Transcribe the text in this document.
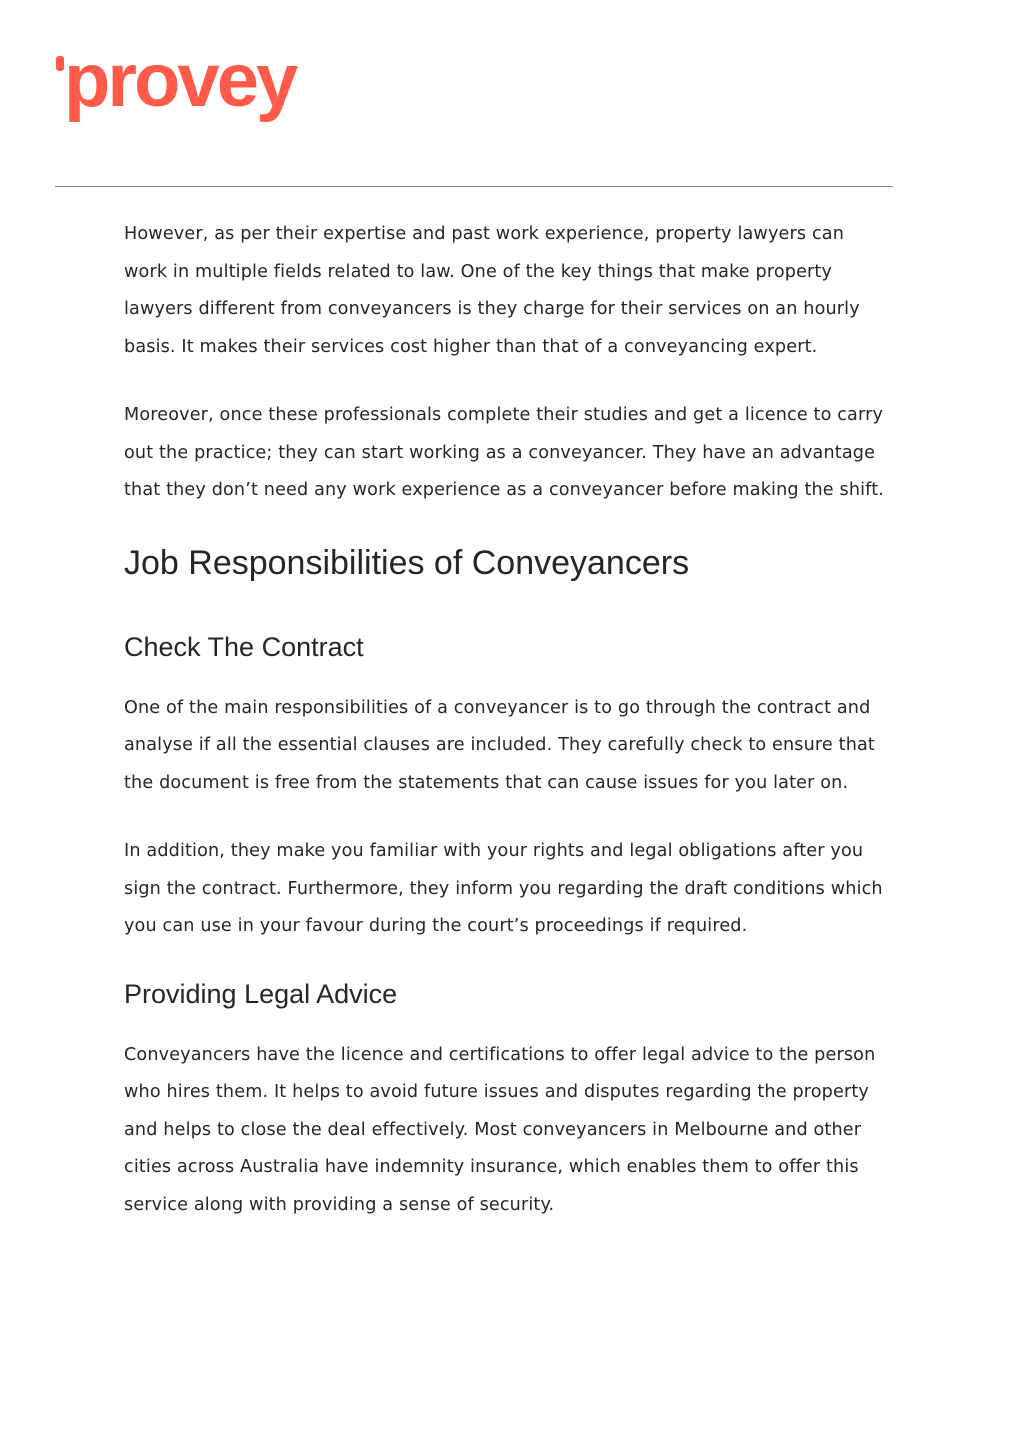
provey

However, as per their expertise and past work experience, property lawyers can
work in multiple fields related to law. One of the key things that make property
lawyers different from conveyancers is they charge for their services on an hourly
basis. It makes their services cost higher than that of a conveyancing expert.

Moreover, once these professionals complete their studies and get a licence to carry
out the practice; they can start working as a conveyancer. They have an advantage
that they don’t need any work experience as a conveyancer before making the shift.

Job Responsibilities of Conveyancers
Check The Contract

One of the main responsibilities of a conveyancer is to go through the contract and
analyse if all the essential clauses are included. They carefully check to ensure that
the document is free from the statements that can cause issues for you later on.

In addition, they make you familiar with your rights and legal obligations after you
sign the contract. Furthermore, they inform you regarding the draft conditions which
you can use in your favour during the court’s proceedings if required.

Providing Legal Advice

Conveyancers have the licence and certifications to offer legal advice to the person
who hires them. It helps to avoid future issues and disputes regarding the property
and helps to close the deal effectively. Most conveyancers in Melbourne and other
cities across Australia have indemnity insurance, which enables them to offer this
service along with providing a sense of security.
